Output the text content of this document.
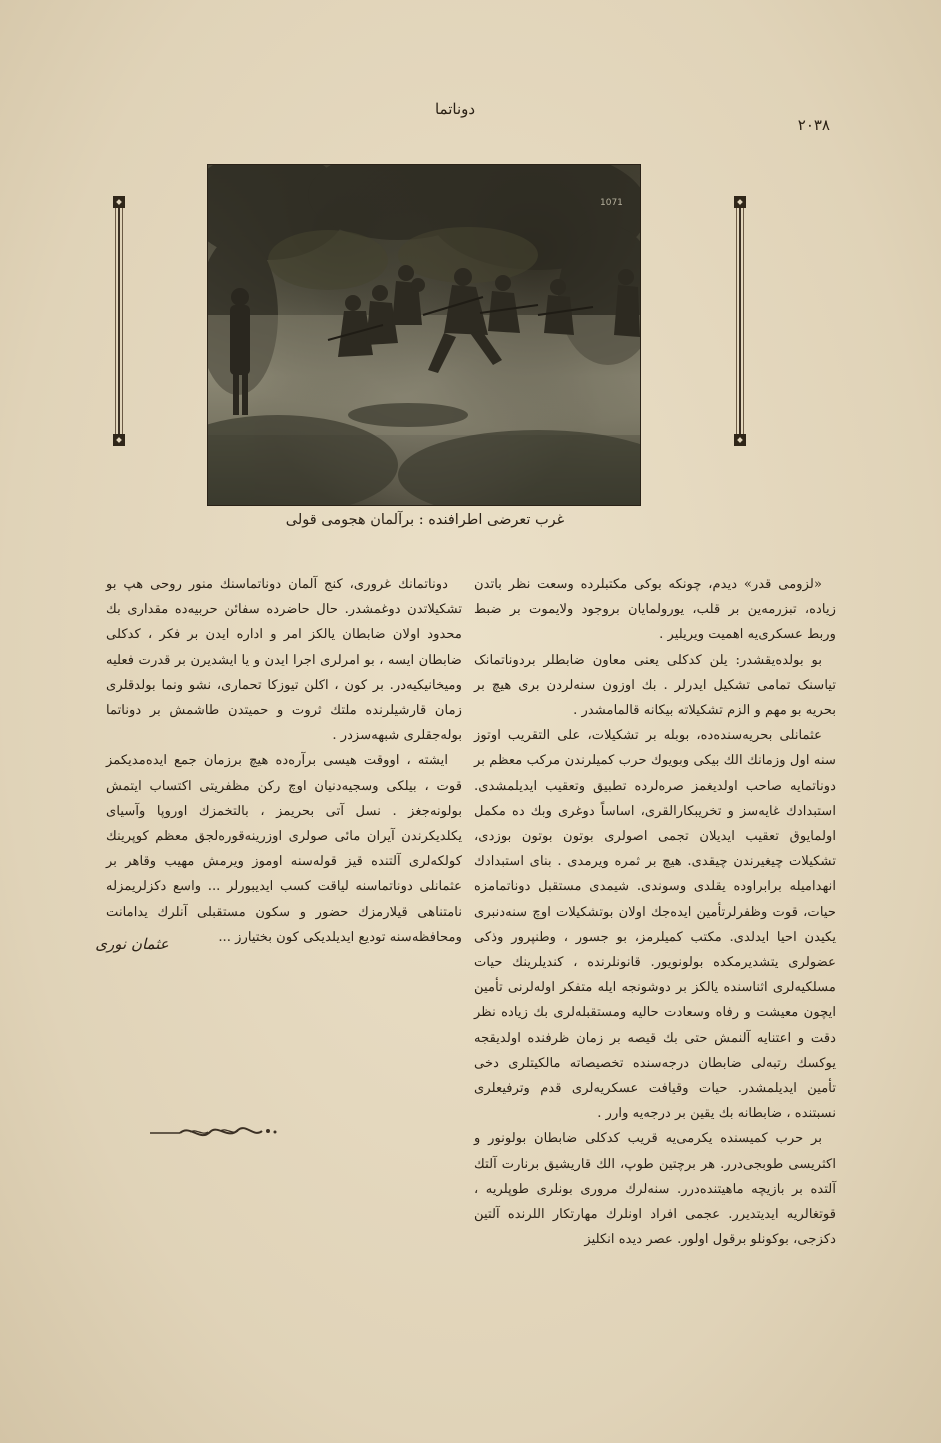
دوناتما
۲۰۳۸
1071
غرب تعرضی اطرافنده : برآلمان هجومی قولی

«لزومی قدر» دیدم، چونکه بوکی مکتبلرده وسعت نظر باتدن زیاده، تبزرمه‌ین بر قلب، یورولمایان بروجود ولایموت بر ضبط وربط عسکری‌یه اهمیت ویریلیر .

بو بولده‌یقشدر: یلن کدکلی یعنی معاون ضابطلر بردوناتمانک تیاسنک تمامی تشکیل ایدرلر . بك اوزون سنه‌لردن بری هیچ بر بحریه بو مهم و الزم تشکیلاته بیکانه قالمامشدر .

عثمانلی بحریه‌سنده‌ده، بوبله بر تشکیلات، علی التقریب اوتوز سنه اول وزمانك الك بیکی وبویوك حرب کمیلرندن مرکب معظم بر دوناتمایه صاحب اولدیغمز صره‌لرده تطبیق وتعقیب ایدیلمشدی. استبدادك غایه‌سز و تخریبکارالقری، اساساً دوغری وبك ده مکمل اولمایوق تعقیب ایدیلان تجمی اصولری بوتون بوتون بوزدی، تشکیلات چیغیرندن چیقدی. هیچ بر ثمره ویرمدی . بنای استبدادك انهدامیله برابراوده یقلدی وسوندی. شیمدی مستقبل دوناتمامزه حیات، قوت وظفرلرتأمین ایده‌جك اولان بوتشکیلات اوچ سنه‌دنبری یکیدن احیا ایدلدی. مکتب کمیلرمز، بو جسور ، وطنپرور وذکی عضولری یتشدیرمکده بولونویور. قانونلرنده ، کندیلرینك حیات مسلکیه‌لری اثناسنده یالکز بر دوشونجه ایله متفکر اوله‌لرنی تأمین ایچون معیشت و رفاه وسعادت حالیه ومستقبله‌لری بك زیاده نظر دقت و اعتنایه آلنمش حتی بك قیصه بر زمان ظرفنده اولدیقجه یوکسك رتبه‌لی ضابطان درجه‌سنده تخصیصاته مالکیتلری دخی تأمین ایدیلمشدر. حیات وقیافت عسکریه‌لری قدم وترفیعلری نسبتنده ، ضابطانه بك یقین بر درجه‌یه وارر .

بر حرب کمیسنده یکرمی‌یه قریب کدکلی ضابطان بولونور و اکثریسی طوبجی‌درر. هر برچتین طوپ، الك قاریشیق برنارت آلتك آلتده بر بازیچه ماهیتنده‌درر. سنه‌لرك مروری بونلری طوپلریه ، قوتغالریه ایدیتدیرر. عجمی افراد اونلرك مهارتکار اللرنده آلتین دکزجی، بوکونلو برقول اولور. عصر دیده انکلیز

دوناتمانك غروری، کنج آلمان دوناتماسنك منور روحی هپ بو تشکیلاتدن دوغمشدر. حال حاضرده سفائن حربیه‌ده مقداری بك محدود اولان ضابطان یالکز امر و اداره ایدن بر فکر ، کدکلی ضابطان ایسه ، بو امرلری اجرا ایدن و یا ایشدیرن بر قدرت فعلیه ومیخانیکیه‌در. بر کون ، اکلن تیوزکا تحماری، نشو ونما بولدقلری زمان قارشیلرنده ملتك ثروت و حمیتدن طاشمش بر دوناتما بوله‌جقلری شبهه‌سزدر .

ایشته ، اووقت هیسی برآره‌ده هیچ برزمان جمع ایده‌مدیکمز قوت ، بیلکی وسجیه‌دنیان اوچ رکن مظفریتی اکتساب ایتمش بولونه‌جغز . نسل آتی بحریمز ، بالتخمزك اوروپا وآسیای یکلدیکرندن آیران مائی صولری اوزرینه‌قوره‌لجق معظم کوپرینك کولکه‌لری آلتنده قیز قوله‌سنه اوموز ویرمش مهیب وقاهر بر عثمانلی دوناتماسنه لیاقت کسب ایدیبورلر ... واسع دکزلریمزله نامتناهی قیلارمزك حضور و سکون مستقبلی آنلرك یدامانت ومحافظه‌سنه تودیع ایدیلدیکی کون بختیارز ...

عثمان نوری
